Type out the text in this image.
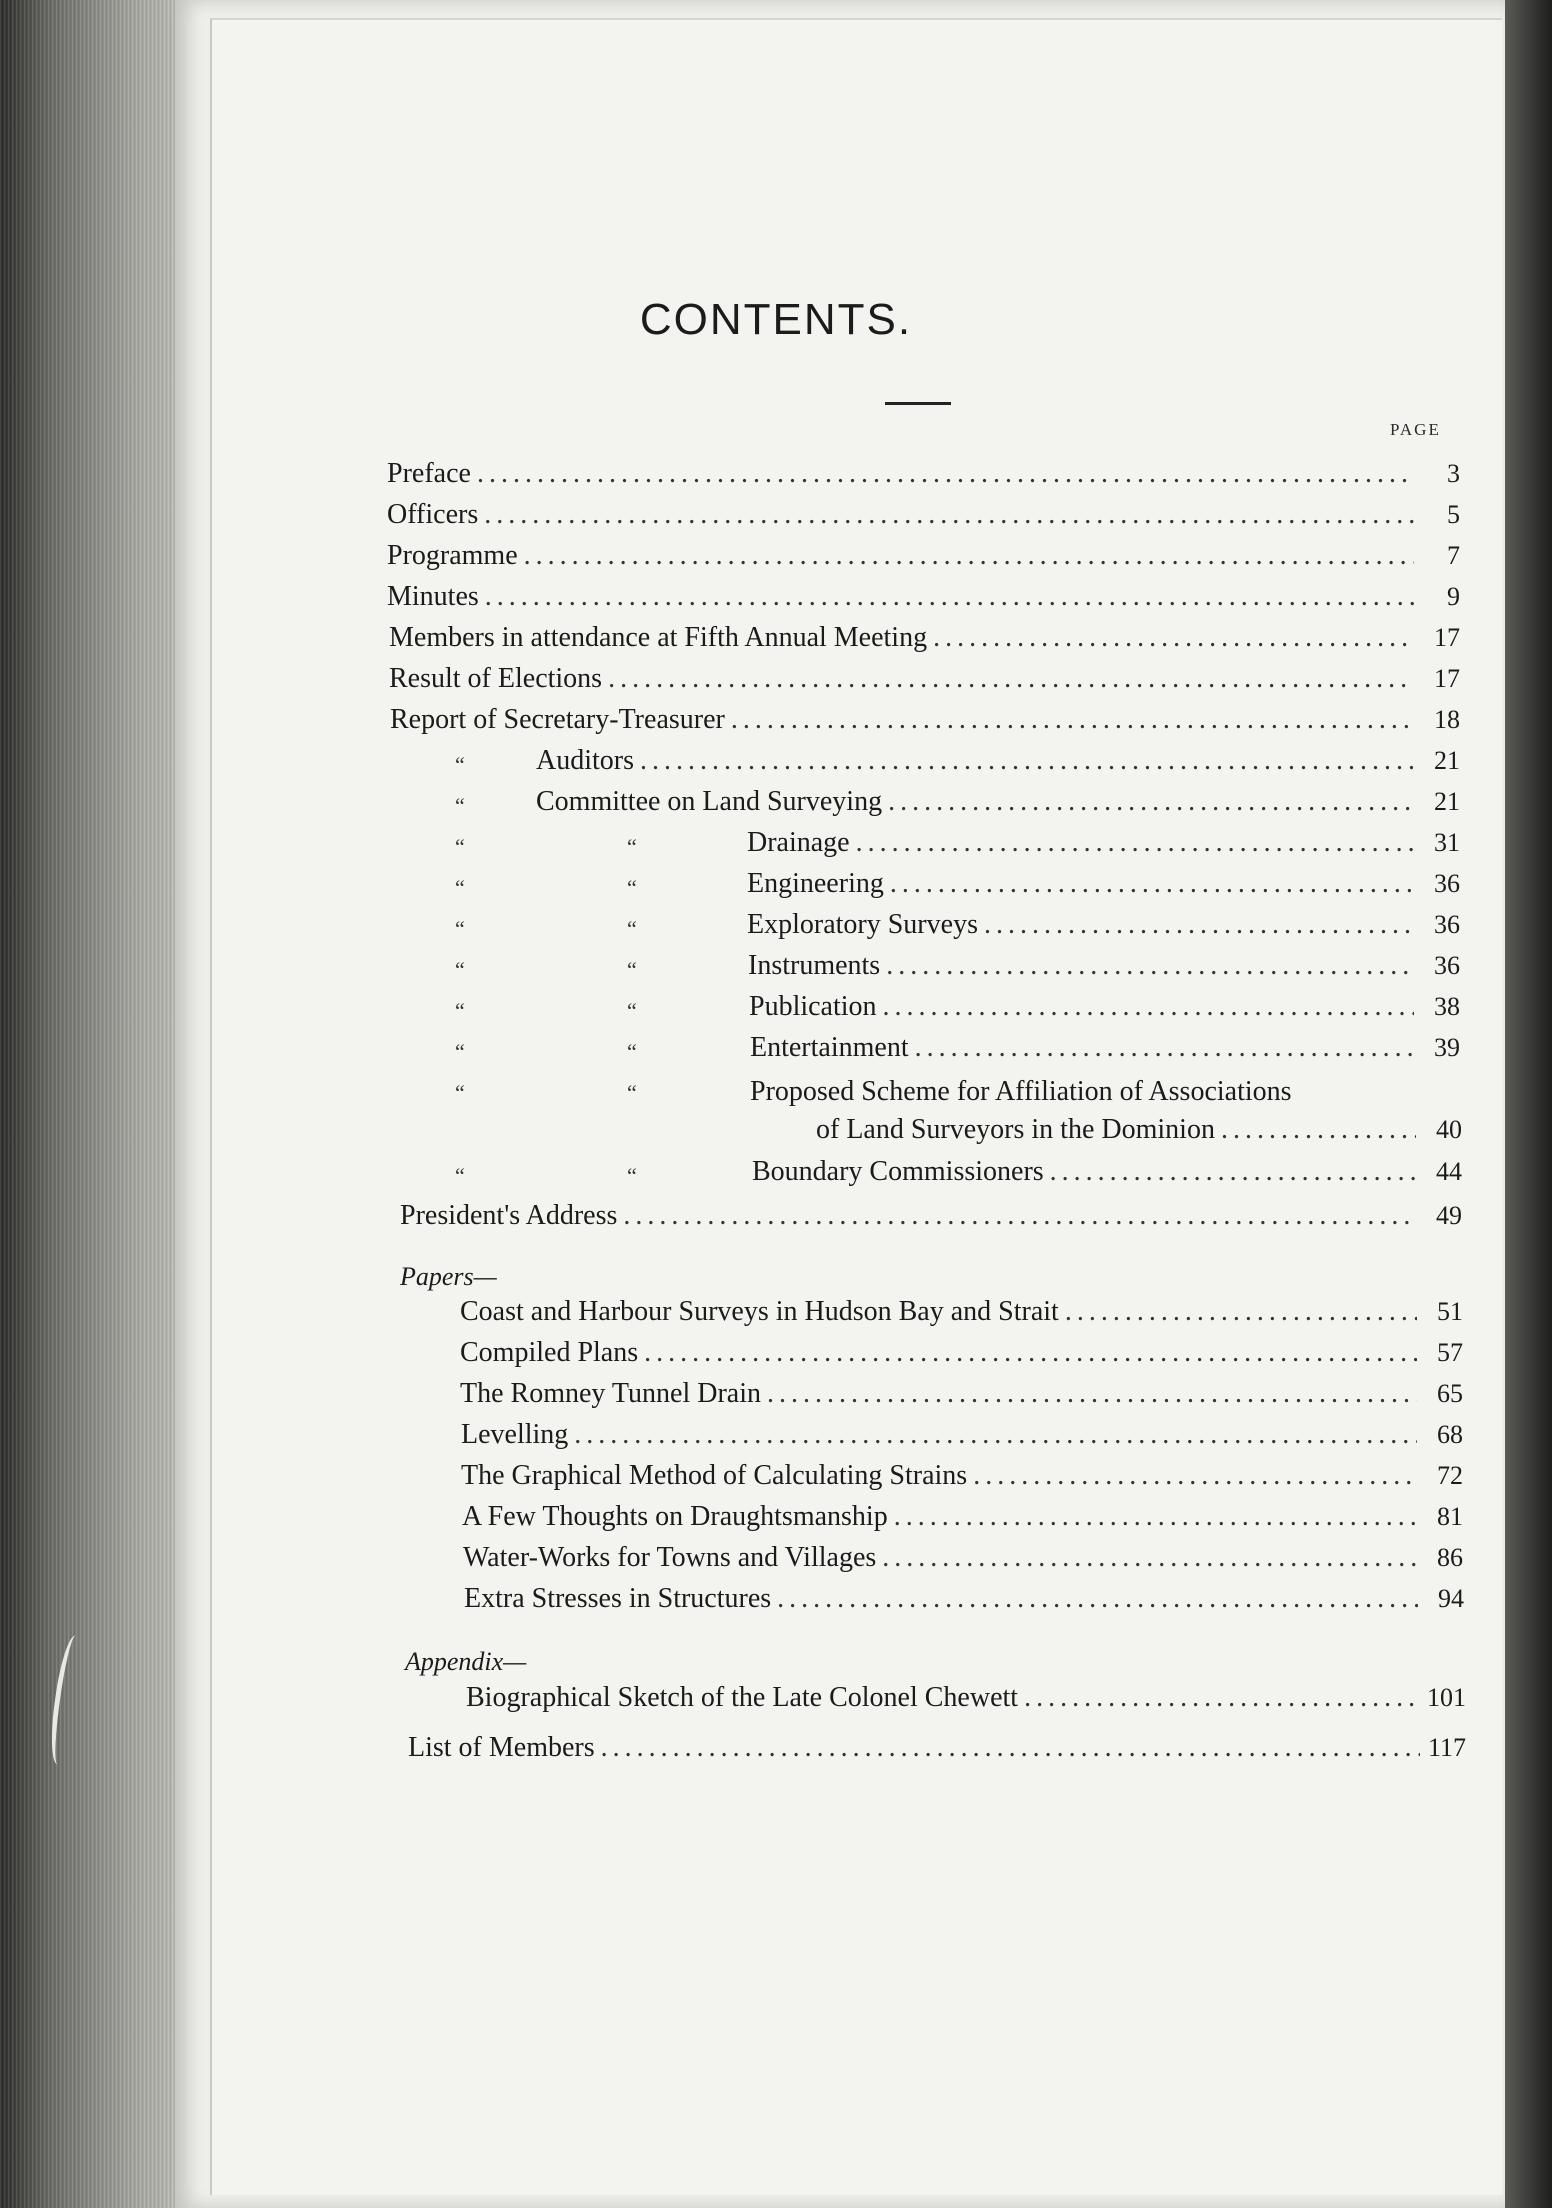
CONTENTS.
PAGE
Preface . . .	3
Officers . . .	5
Programme . . .	7
Minutes . . .	9
Members in attendance at Fifth Annual Meeting . . .	17
Result of Elections . . .	17
Report of Secretary-Treasurer . . .	18
“	Auditors . . .	21
“	Committee on Land Surveying . . .	21
“	“	Drainage . . .	31
“	“	Engineering . . .	36
“	“	Exploratory Surveys . . .	36
“	“	Instruments . . .	36
“	“	Publication . . .	38
“	“	Entertainment . . .	39
“	“	Proposed Scheme for Affiliation of Associations
of Land Surveyors in the Dominion . . .	40
“	“	Boundary Commissioners . . .	44
President's Address . . .	49
Papers—
Coast and Harbour Surveys in Hudson Bay and Strait . . .	51
Compiled Plans . . .	57
The Romney Tunnel Drain . . .	65
Levelling . . .	68
The Graphical Method of Calculating Strains . . .	72
A Few Thoughts on Draughtsmanship . . .	81
Water-Works for Towns and Villages . . .	86
Extra Stresses in Structures . . .	94
Appendix—
Biographical Sketch of the Late Colonel Chewett . . .	101
List of Members . . .	117
